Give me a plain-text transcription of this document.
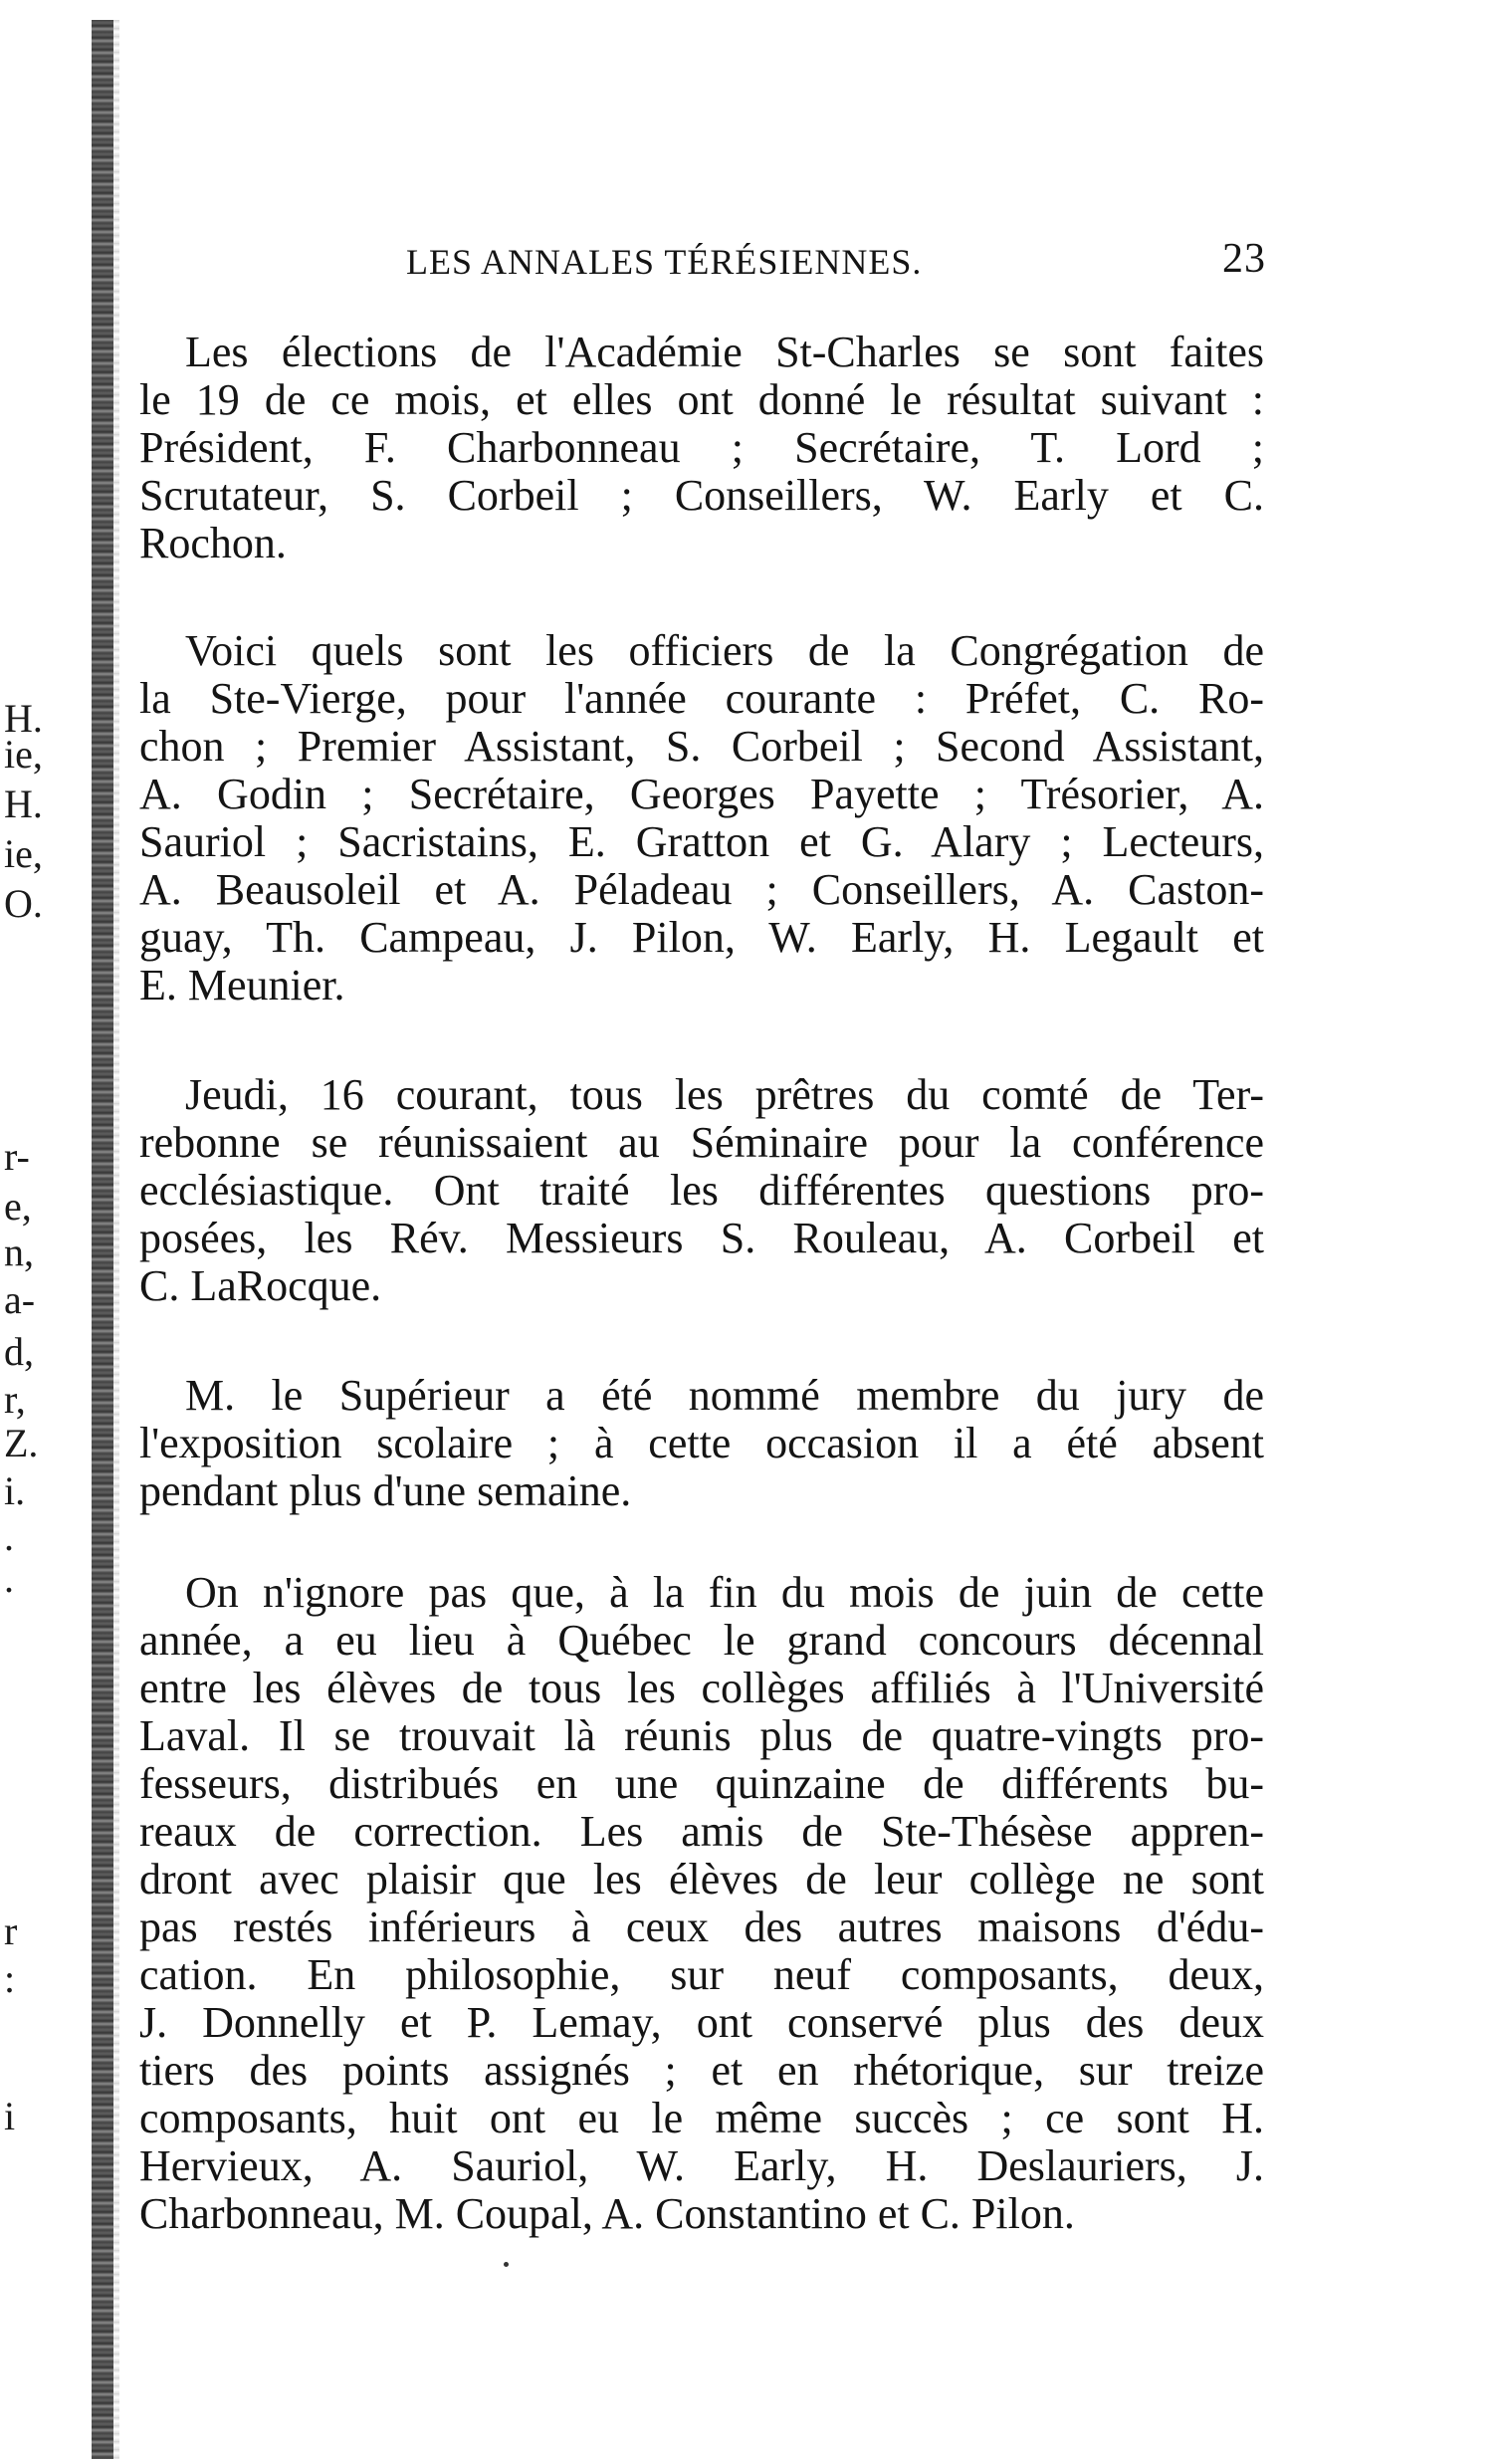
H.
ie,
H.
ie,
O.
r-
e,
n,
a-
d,
r,
Z.
i.
.
.
r
:
i
LES ANNALES TÉRÉSIENNES.	23
Les élections de l'Académie St-Charles se sont faites
le 19 de ce mois, et elles ont donné le résultat suivant :
Président, F. Charbonneau ; Secrétaire, T. Lord ;
Scrutateur, S. Corbeil ; Conseillers, W. Early et C.
Rochon.
Voici quels sont les officiers de la Congrégation de
la Ste-Vierge, pour l'année courante : Préfet, C. Ro-
chon ; Premier Assistant, S. Corbeil ; Second Assistant,
A. Godin ; Secrétaire, Georges Payette ; Trésorier, A.
Sauriol ; Sacristains, E. Gratton et G. Alary ; Lecteurs,
A. Beausoleil et A. Péladeau ; Conseillers, A. Caston-
guay, Th. Campeau, J. Pilon, W. Early, H. Legault et
E. Meunier.
Jeudi, 16 courant, tous les prêtres du comté de Ter-
rebonne se réunissaient au Séminaire pour la conférence
ecclésiastique. Ont traité les différentes questions pro-
posées, les Rév. Messieurs S. Rouleau, A. Corbeil et
C. LaRocque.
M. le Supérieur a été nommé membre du jury de
l'exposition scolaire ; à cette occasion il a été absent
pendant plus d'une semaine.
On n'ignore pas que, à la fin du mois de juin de cette
année, a eu lieu à Québec le grand concours décennal
entre les élèves de tous les collèges affiliés à l'Université
Laval. Il se trouvait là réunis plus de quatre-vingts pro-
fesseurs, distribués en une quinzaine de différents bu-
reaux de correction. Les amis de Ste-Thésèse appren-
dront avec plaisir que les élèves de leur collège ne sont
pas restés inférieurs à ceux des autres maisons d'édu-
cation. En philosophie, sur neuf composants, deux,
J. Donnelly et P. Lemay, ont conservé plus des deux
tiers des points assignés ; et en rhétorique, sur treize
composants, huit ont eu le même succès ; ce sont H.
Hervieux, A. Sauriol, W. Early, H. Deslauriers, J.
Charbonneau, M. Coupal, A. Constantino et C. Pilon.
